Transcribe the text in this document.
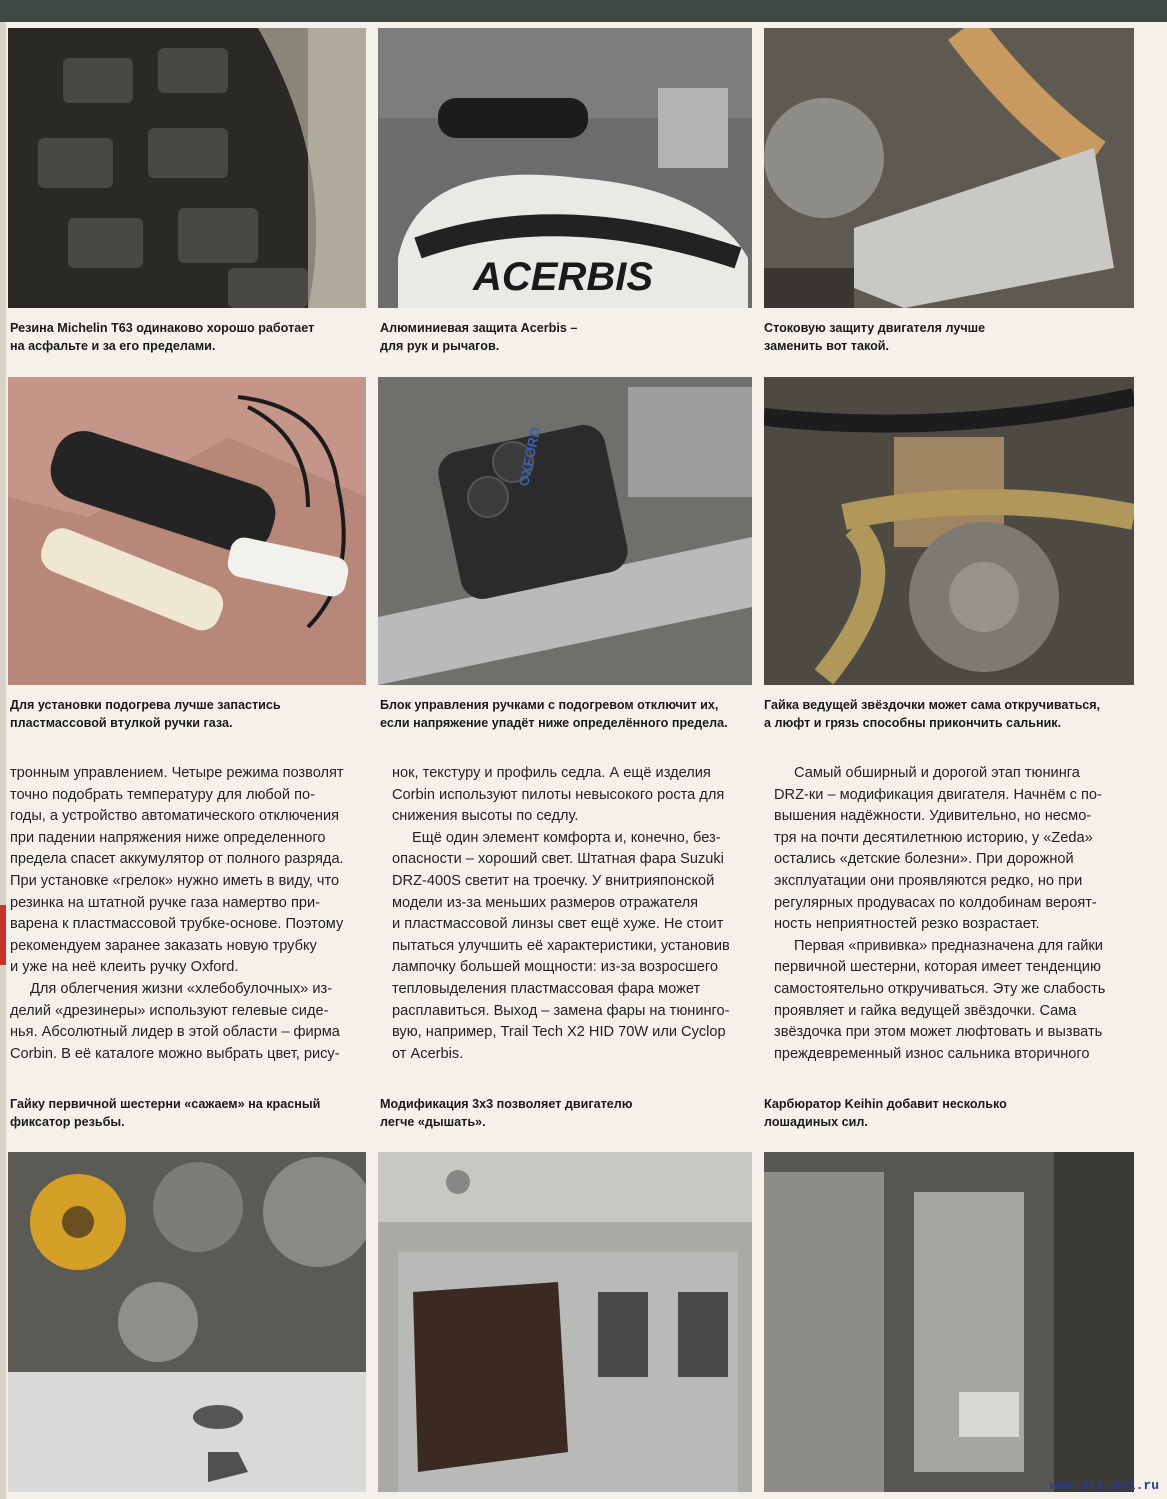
ACERBIS

Резина Michelin T63 одинаково хорошо работает
на асфальте и за его пределами.

Алюминиевая защита Acerbis –
для рук и рычагов.

Стоковую защиту двигателя лучше
заменить вот такой.

OXFORD

Для установки подогрева лучше запастись
пластмассовой втулкой ручки газа.

Блок управления ручками с подогревом отключит их,
если напряжение упадёт ниже определённого предела.

Гайка ведущей звёздочки может сама откручиваться,
а люфт и грязь способны прикончить сальник.

тронным управлением. Четыре режима позволят
точно подобрать температуру для любой по-
годы, а устройство автоматического отключения
при падении напряжения ниже определенного
предела спасет аккумулятор от полного разряда.
При установке «грелок» нужно иметь в виду, что
резинка на штатной ручке газа намертво при-
варена к пластмассовой трубке-основе. Поэтому
рекомендуем заранее заказать новую трубку
и уже на неё клеить ручку Oxford.
Для облегчения жизни «хлебобулочных» из-
делий «дрезинеры» используют гелевые сиде-
нья. Абсолютный лидер в этой области – фирма
Corbin. В её каталоге можно выбрать цвет, рису-
нок, текстуру и профиль седла. А ещё изделия
Corbin используют пилоты невысокого роста для
снижения высоты по седлу.
Ещё один элемент комфорта и, конечно, без-
опасности – хороший свет. Штатная фара Suzuki
DRZ-400S светит на троечку. У внитрияпонской
модели из-за меньших размеров отражателя
и пластмассовой линзы свет ещё хуже. Не стоит
пытаться улучшить её характеристики, установив
лампочку большей мощности: из-за возросшего
тепловыделения пластмассовая фара может
расплавиться. Выход – замена фары на тюнинго-
вую, например, Trail Tech X2 HID 70W или Cyclop
от Acerbis.
Самый обширный и дорогой этап тюнинга
DRZ-ки – модификация двигателя. Начнём с по-
вышения надёжности. Удивительно, но несмо-
тря на почти десятилетнюю историю, у «Zeda»
остались «детские болезни». При дорожной
эксплуатации они проявляются редко, но при
регулярных продувасах по колдобинам вероят-
ность неприятностей резко возрастает.
Первая «прививка» предназначена для гайки
первичной шестерни, которая имеет тенденцию
самостоятельно откручиваться. Эту же слабость
проявляет и гайка ведущей звёздочки. Сама
звёздочка при этом может люфтовать и вызвать
преждевременный износ сальника вторичного

Гайку первичной шестерни «сажаем» на красный
фиксатор резьбы.

Модификация 3x3 позволяет двигателю
легче «дышать».

Карбюратор Keihin добавит несколько
лошадиных сил.

www.drz.my1.ru
